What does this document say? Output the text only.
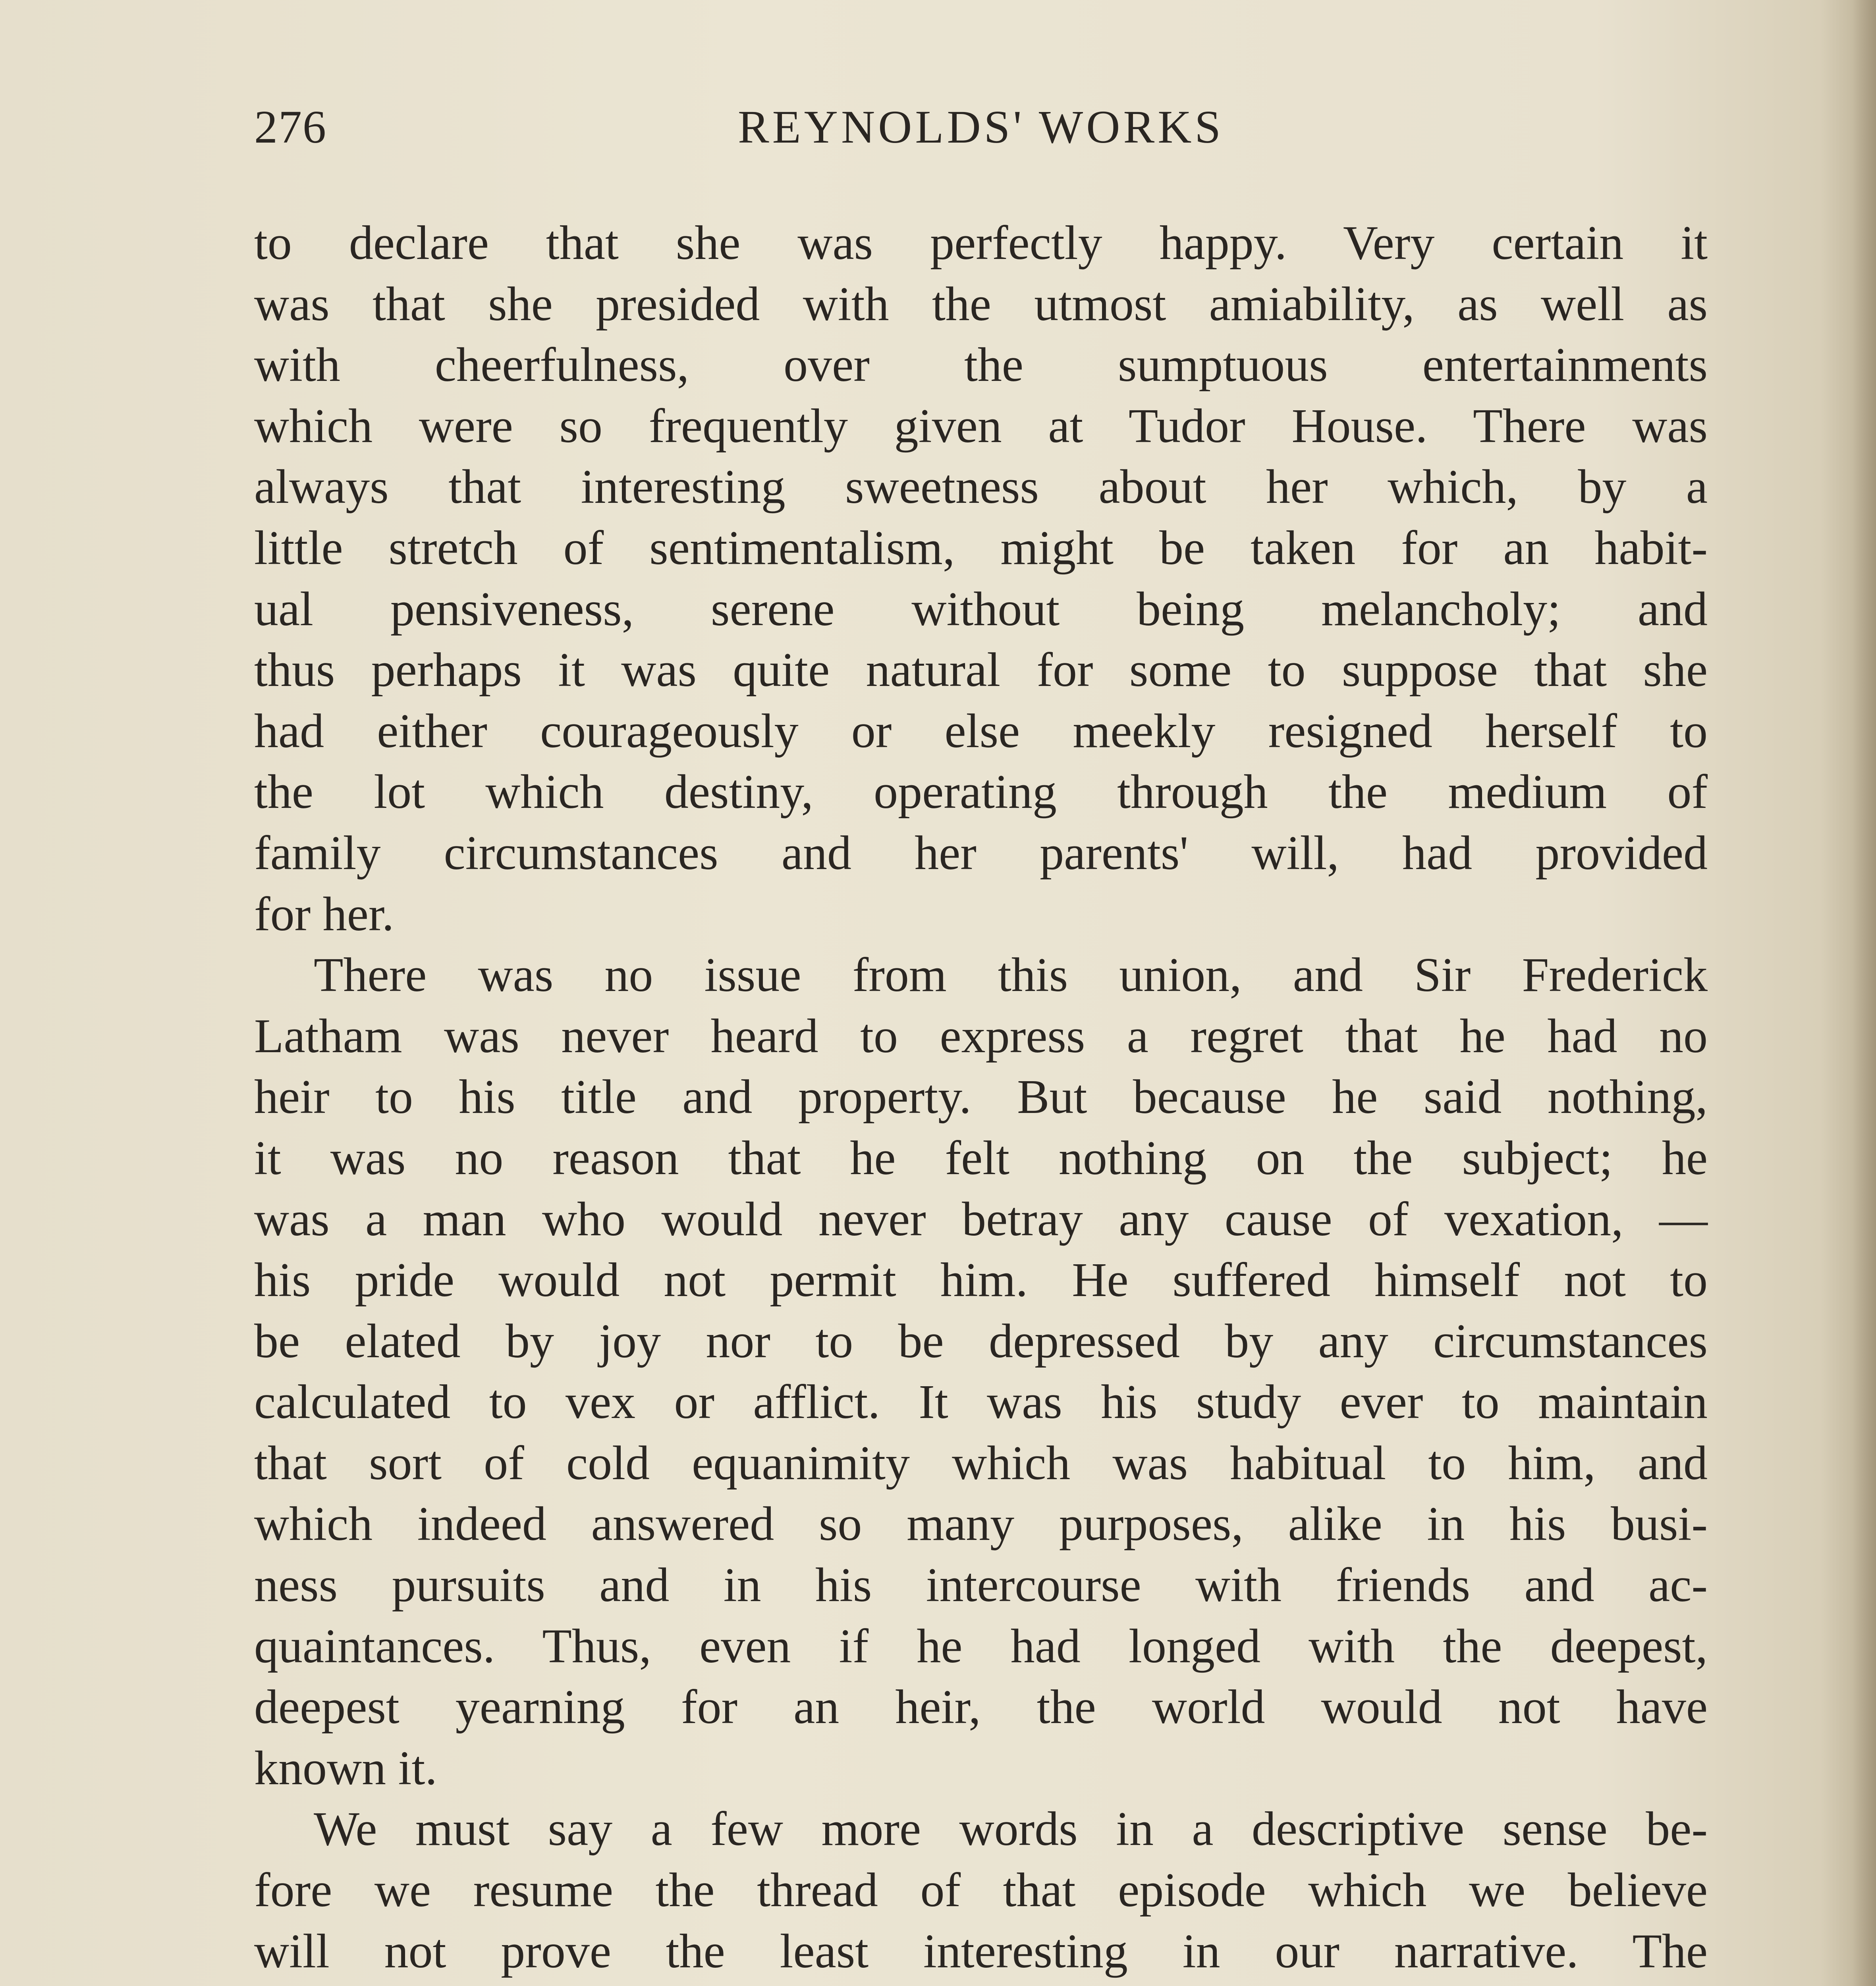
276	REYNOLDS' WORKS
to declare that she was perfectly happy. Very certain it
was that she presided with the utmost amiability, as well as
with cheerfulness, over the sumptuous entertainments
which were so frequently given at Tudor House. There was
always that interesting sweetness about her which, by a
little stretch of sentimentalism, might be taken for an habit-
ual pensiveness, serene without being melancholy; and
thus perhaps it was quite natural for some to suppose that she
had either courageously or else meekly resigned herself to
the lot which destiny, operating through the medium of
family circumstances and her parents' will, had provided
for her.
There was no issue from this union, and Sir Frederick
Latham was never heard to express a regret that he had no
heir to his title and property. But because he said nothing,
it was no reason that he felt nothing on the subject; he
was a man who would never betray any cause of vexation, —
his pride would not permit him. He suffered himself not to
be elated by joy nor to be depressed by any circumstances
calculated to vex or afflict. It was his study ever to maintain
that sort of cold equanimity which was habitual to him, and
which indeed answered so many purposes, alike in his busi-
ness pursuits and in his intercourse with friends and ac-
quaintances. Thus, even if he had longed with the deepest,
deepest yearning for an heir, the world would not have
known it.
We must say a few more words in a descriptive sense be-
fore we resume the thread of that episode which we believe
will not prove the least interesting in our narrative. The
